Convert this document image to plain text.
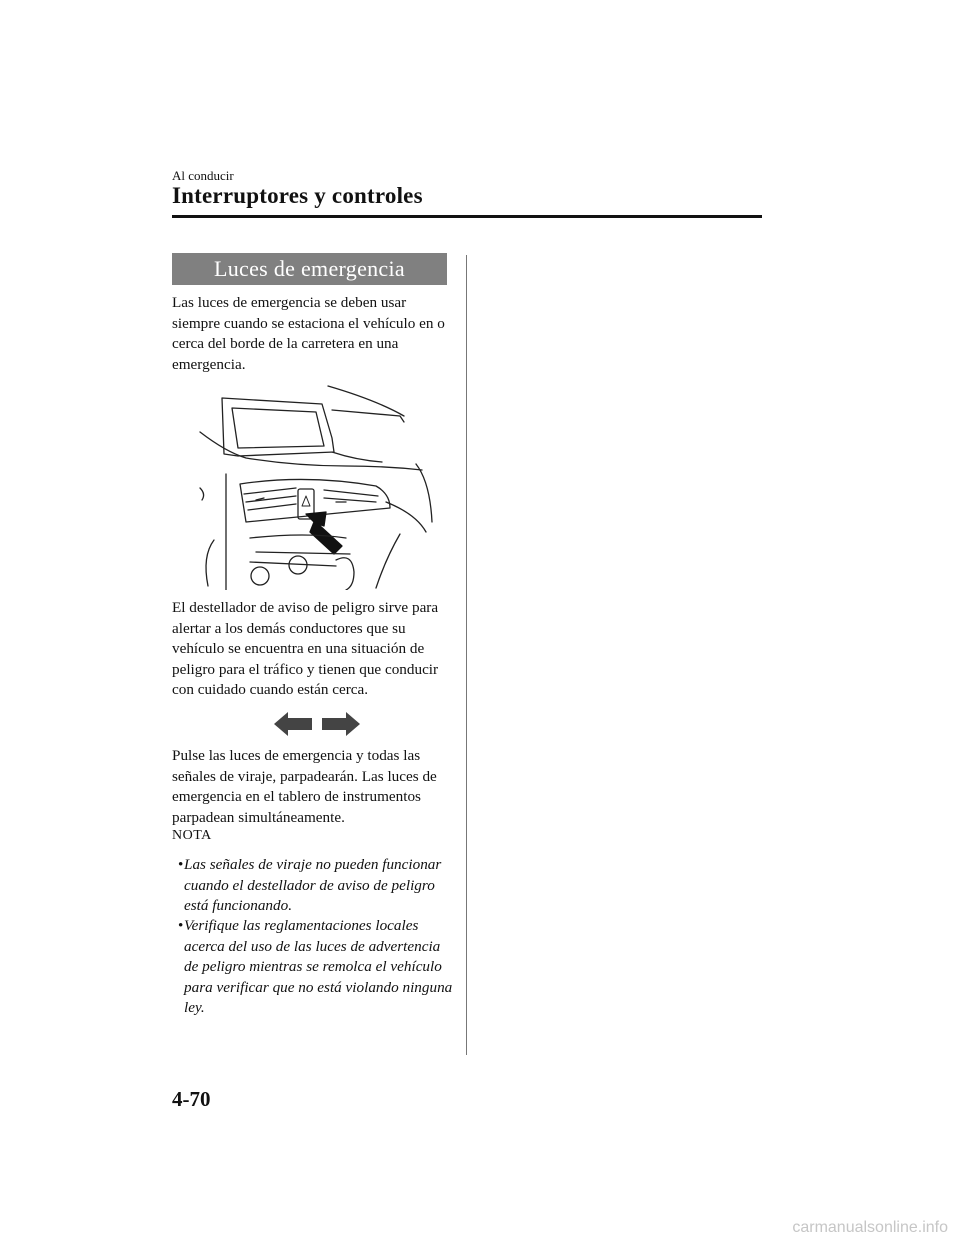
Al conducir
Interruptores y controles
Luces de emergencia
Las luces de emergencia se deben usar siempre cuando se estaciona el vehículo en o cerca del borde de la carretera en una emergencia.
El destellador de aviso de peligro sirve para alertar a los demás conductores que su vehículo se encuentra en una situación de peligro para el tráfico y tienen que conducir con cuidado cuando están cerca.
Pulse las luces de emergencia y todas las señales de viraje, parpadearán. Las luces de emergencia en el tablero de instrumentos parpadean simultáneamente.
NOTA
• Las señales de viraje no pueden funcionar cuando el destellador de aviso de peligro está funcionando.
• Verifique las reglamentaciones locales acerca del uso de las luces de advertencia de peligro mientras se remolca el vehículo para verificar que no está violando ninguna ley.
4-70
carmanualsonline.info
